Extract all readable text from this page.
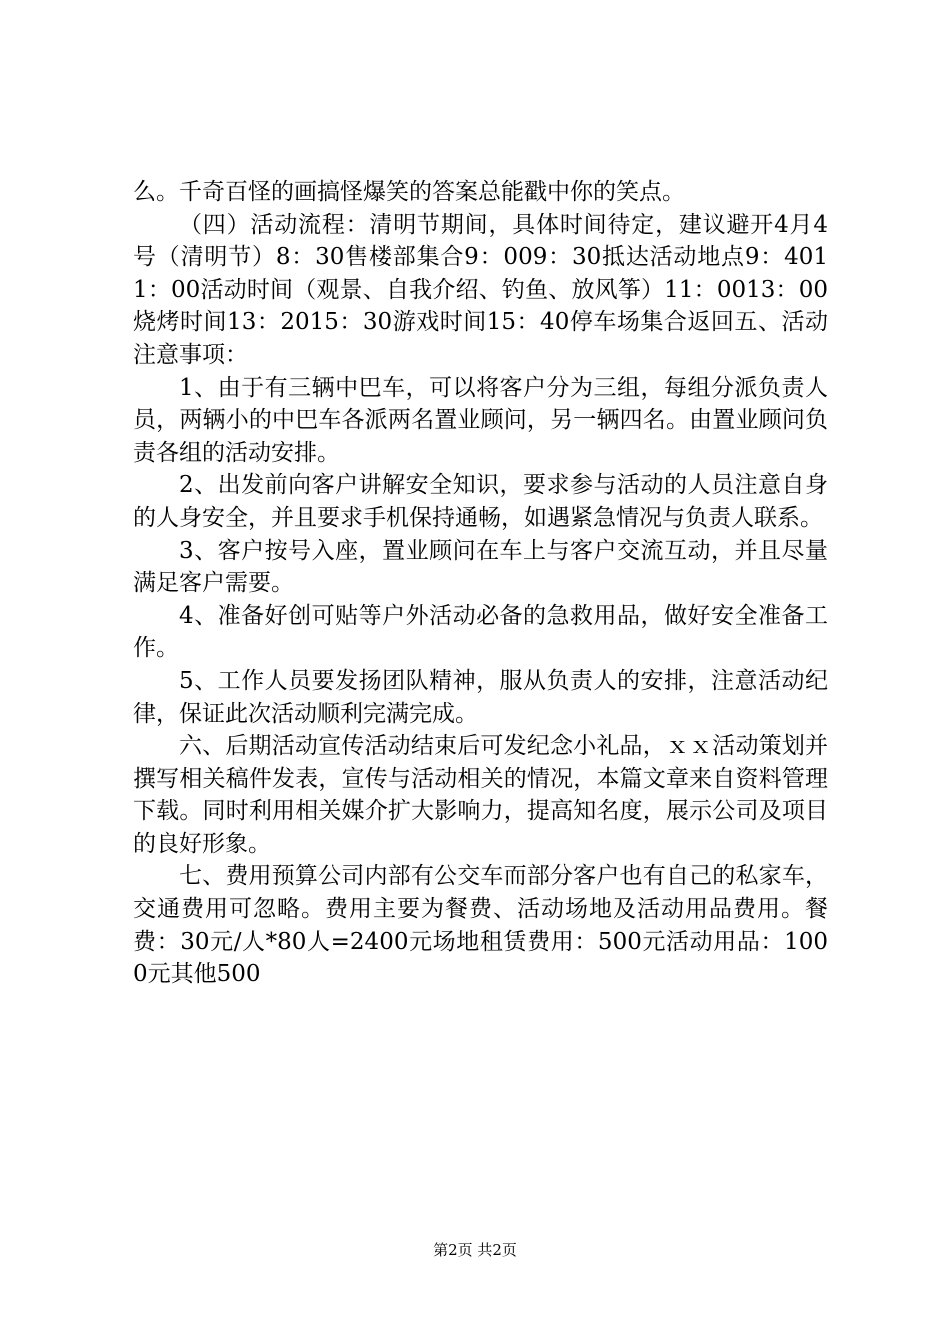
么。千奇百怪的画搞怪爆笑的答案总能戳中你的笑点。

（四）活动流程：清明节期间，具体时间待定，建议避开4月4号（清明节）8：30售楼部集合9：009：30抵达活动地点9：4011：00活动时间（观景、自我介绍、钓鱼、放风筝）11：0013：00烧烤时间13：2015：30游戏时间15：40停车场集合返回五、活动注意事项：

1、由于有三辆中巴车，可以将客户分为三组，每组分派负责人员，两辆小的中巴车各派两名置业顾问，另一辆四名。由置业顾问负责各组的活动安排。

2、出发前向客户讲解安全知识，要求参与活动的人员注意自身的人身安全，并且要求手机保持通畅，如遇紧急情况与负责人联系。

3、客户按号入座，置业顾问在车上与客户交流互动，并且尽量满足客户需要。

4、准备好创可贴等户外活动必备的急救用品，做好安全准备工作。

5、工作人员要发扬团队精神，服从负责人的安排，注意活动纪律，保证此次活动顺利完满完成。

六、后期活动宣传活动结束后可发纪念小礼品，ｘｘ活动策划并撰写相关稿件发表，宣传与活动相关的情况，本篇文章来自资料管理下载。同时利用相关媒介扩大影响力，提高知名度，展示公司及项目的良好形象。

七、费用预算公司内部有公交车而部分客户也有自己的私家车，交通费用可忽略。费用主要为餐费、活动场地及活动用品费用。餐费：30元/人*80人=2400元场地租赁费用：500元活动用品：1000元其他500

第2页 共2页
